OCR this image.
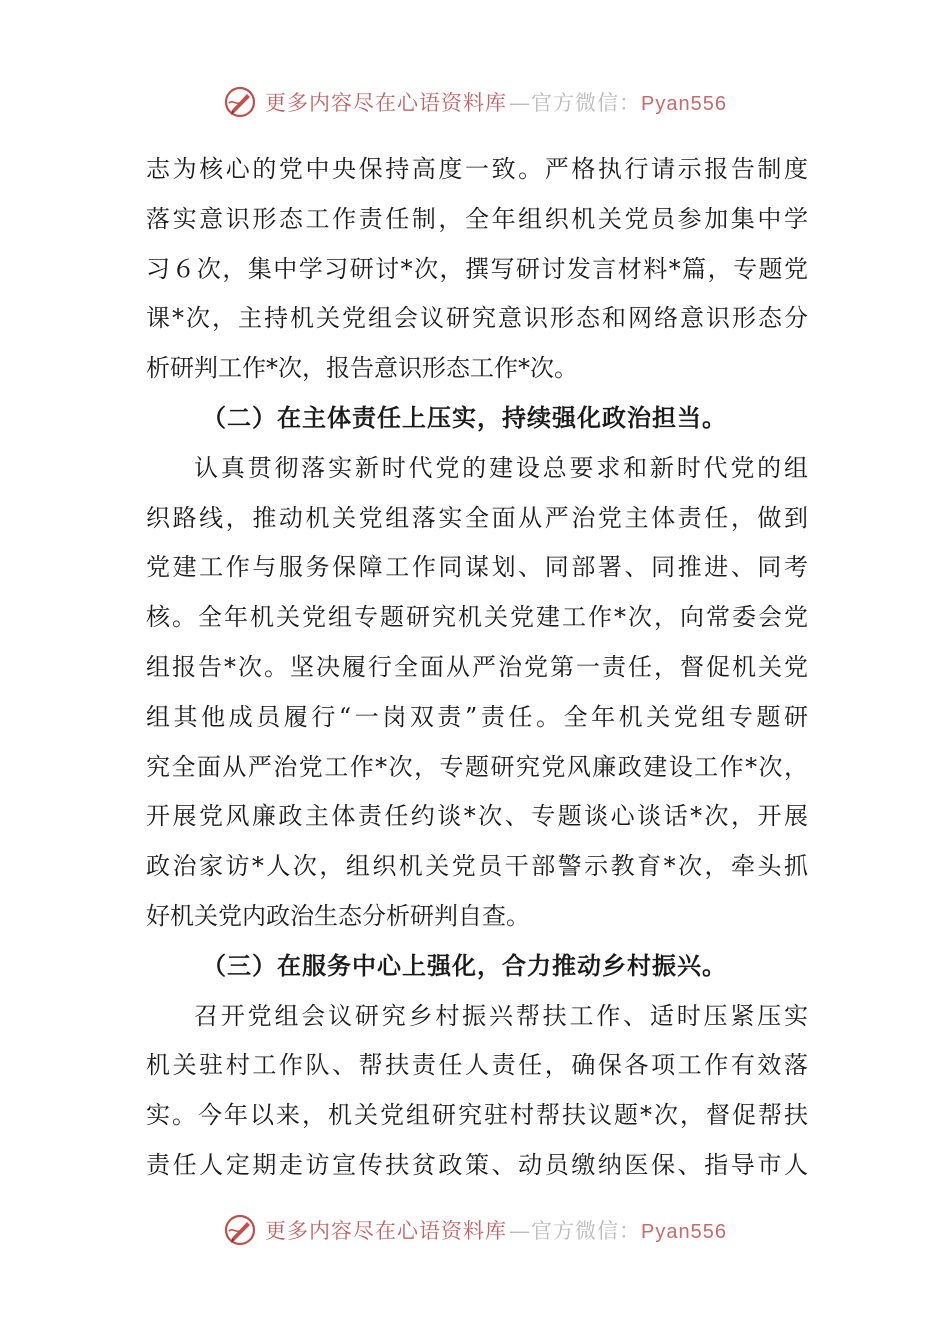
更多内容尽在心语资料库—官方微信：Pyan556
志为核心的党中央保持高度一致。严格执行请示报告制度
落实意识形态工作责任制，全年组织机关党员参加集中学
习６次，集中学习研讨*次，撰写研讨发言材料*篇，专题党
课*次，主持机关党组会议研究意识形态和网络意识形态分
析研判工作*次，报告意识形态工作*次。
（二）在主体责任上压实，持续强化政治担当。
认真贯彻落实新时代党的建设总要求和新时代党的组
织路线，推动机关党组落实全面从严治党主体责任，做到
党建工作与服务保障工作同谋划、同部署、同推进、同考
核。全年机关党组专题研究机关党建工作*次，向常委会党
组报告*次。坚决履行全面从严治党第一责任，督促机关党
组其他成员履行“一岗双责”责任。全年机关党组专题研
究全面从严治党工作*次，专题研究党风廉政建设工作*次，
开展党风廉政主体责任约谈*次、专题谈心谈话*次，开展
政治家访*人次，组织机关党员干部警示教育*次，牵头抓
好机关党内政治生态分析研判自查。
（三）在服务中心上强化，合力推动乡村振兴。
召开党组会议研究乡村振兴帮扶工作、适时压紧压实
机关驻村工作队、帮扶责任人责任，确保各项工作有效落
实。今年以来，机关党组研究驻村帮扶议题*次，督促帮扶
责任人定期走访宣传扶贫政策、动员缴纳医保、指导市人
更多内容尽在心语资料库—官方微信：Pyan556
